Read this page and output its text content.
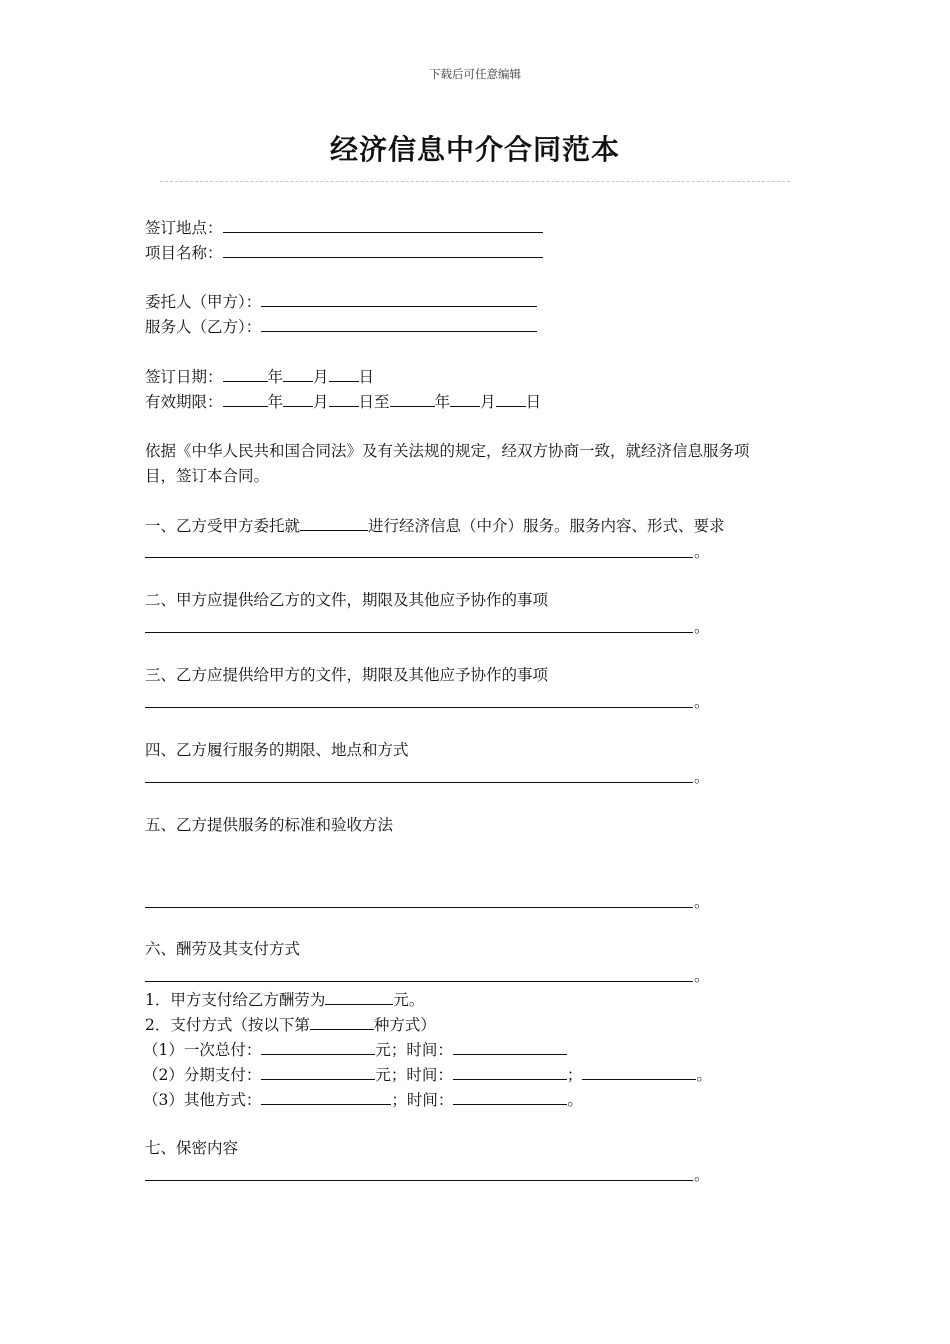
下载后可任意编辑
经济信息中介合同范本
签订地点：
项目名称：
委托人（甲方）：
服务人（乙方）：
签订日期：	年 月 日
有效期限：	年 月 日至	年 月 日
依据《中华人民共和国合同法》及有关法规的规定，经双方协商一致，就经济信息服务项
目，签订本合同。
一、乙方受甲方委托就	进行经济信息（中介）服务。服务内容、形式、要求
。
二、甲方应提供给乙方的文件，期限及其他应予协作的事项
。
三、乙方应提供给甲方的文件，期限及其他应予协作的事项
。
四、乙方履行服务的期限、地点和方式
。
五、乙方提供服务的标准和验收方法
。
六、酬劳及其支付方式
。
1．甲方支付给乙方酬劳为	元。
2．支付方式（按以下第	种方式）
（1）一次总付：	元；时间：
（2）分期支付：	元；时间：	；	。
（3）其他方式：	；时间：	。
七、保密内容
。
